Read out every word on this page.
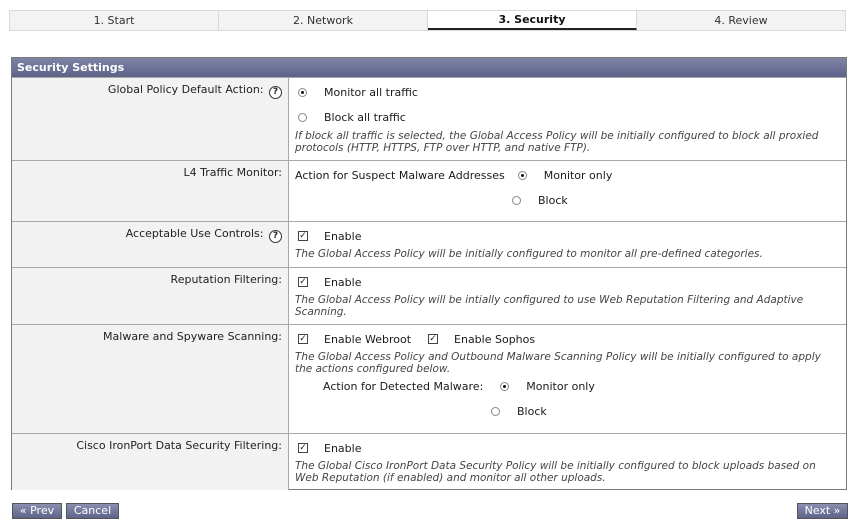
1. Start	2. Network	3. Security	4. Review
Security Settings
Global Policy Default Action: ?	Monitor all traffic
Block all traffic
If block all traffic is selected, the Global Access Policy will be initially configured to block all proxied protocols (HTTP, HTTPS, FTP over HTTP, and native FTP).
L4 Traffic Monitor:	Action for Suspect Malware Addresses	Monitor only
Block
Acceptable Use Controls: ?	✓ Enable
The Global Access Policy will be initially configured to monitor all pre-defined categories.
Reputation Filtering:	✓ Enable
The Global Access Policy will be intially configured to use Web Reputation Filtering and Adaptive Scanning.
Malware and Spyware Scanning:	✓ Enable Webroot ✓ Enable Sophos
The Global Access Policy and Outbound Malware Scanning Policy will be initially configured to apply the actions configured below.
Action for Detected Malware:	Monitor only
Block
Cisco IronPort Data Security Filtering:	✓ Enable
The Global Cisco IronPort Data Security Policy will be initially configured to block uploads based on Web Reputation (if enabled) and monitor all other uploads.
« Prev	Cancel	Next »
